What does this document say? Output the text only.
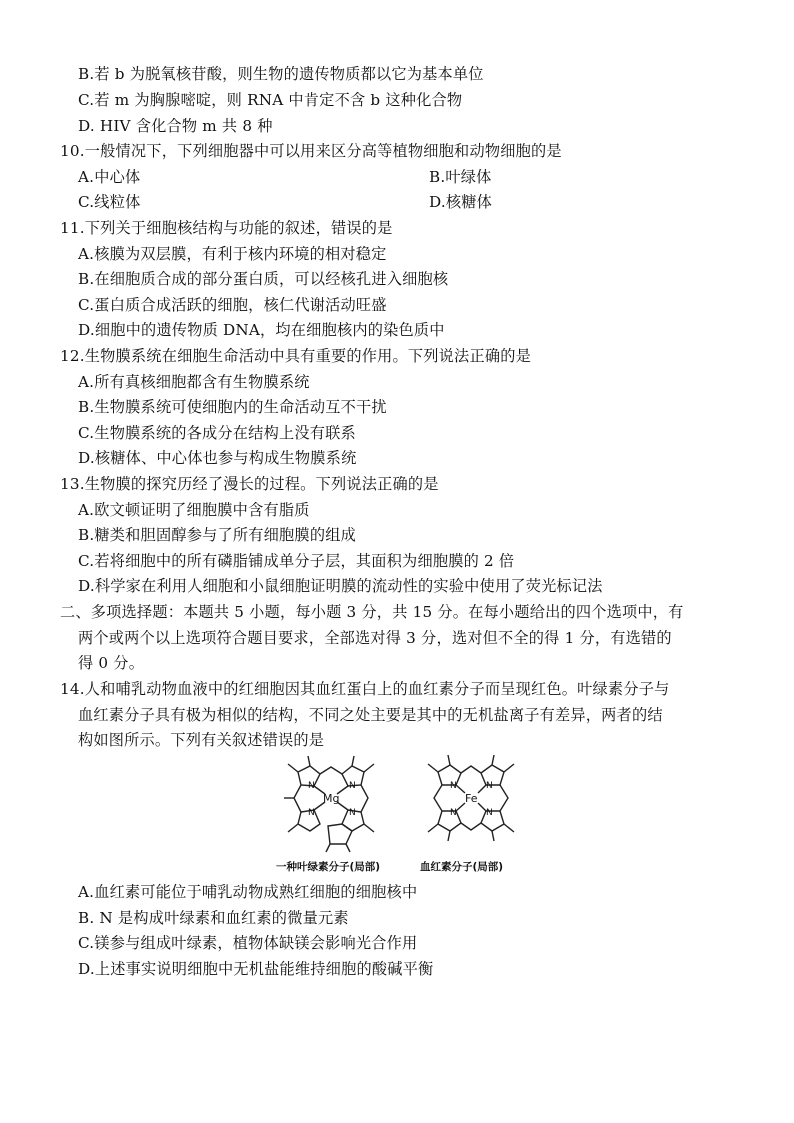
B.若 b 为脱氧核苷酸，则生物的遗传物质都以它为基本单位
C.若 m 为胸腺嘧啶，则 RNA 中肯定不含 b 这种化合物
D. HIV 含化合物 m 共 8 种
10.一般情况下，下列细胞器中可以用来区分高等植物细胞和动物细胞的是
A.中心体	B.叶绿体
C.线粒体	D.核糖体
11.下列关于细胞核结构与功能的叙述，错误的是
A.核膜为双层膜，有利于核内环境的相对稳定
B.在细胞质合成的部分蛋白质，可以经核孔进入细胞核
C.蛋白质合成活跃的细胞，核仁代谢活动旺盛
D.细胞中的遗传物质 DNA，均在细胞核内的染色质中
12.生物膜系统在细胞生命活动中具有重要的作用。下列说法正确的是
A.所有真核细胞都含有生物膜系统
B.生物膜系统可使细胞内的生命活动互不干扰
C.生物膜系统的各成分在结构上没有联系
D.核糖体、中心体也参与构成生物膜系统
13.生物膜的探究历经了漫长的过程。下列说法正确的是
A.欧文顿证明了细胞膜中含有脂质
B.糖类和胆固醇参与了所有细胞膜的组成
C.若将细胞中的所有磷脂铺成单分子层，其面积为细胞膜的 2 倍
D.科学家在利用人细胞和小鼠细胞证明膜的流动性的实验中使用了荧光标记法
二、多项选择题：本题共 5 小题，每小题 3 分，共 15 分。在每小题给出的四个选项中，有
两个或两个以上选项符合题目要求，全部选对得 3 分，选对但不全的得 1 分，有选错的
得 0 分。
14.人和哺乳动物血液中的红细胞因其血红蛋白上的血红素分子而呈现红色。叶绿素分子与
血红素分子具有极为相似的结构，不同之处主要是其中的无机盐离子有差异，两者的结
构如图所示。下列有关叙述错误的是
Mg
N	N
N	N
Fe
N	N
N	N
一种叶绿素分子(局部)	血红素分子(局部)
A.血红素可能位于哺乳动物成熟红细胞的细胞核中
B. N 是构成叶绿素和血红素的微量元素
C.镁参与组成叶绿素，植物体缺镁会影响光合作用
D.上述事实说明细胞中无机盐能维持细胞的酸碱平衡
